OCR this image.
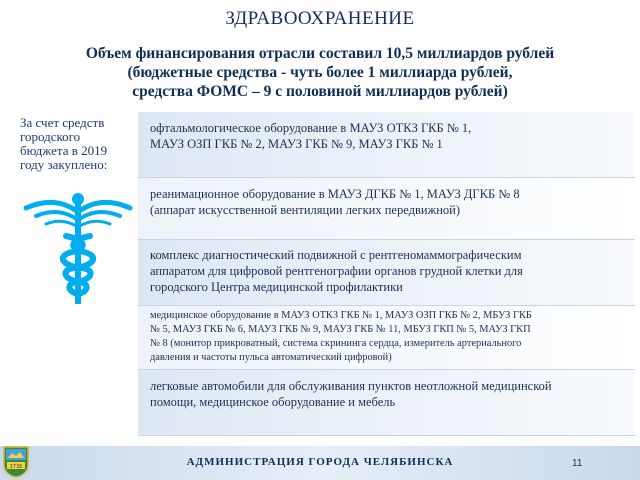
ЗДРАВООХРАНЕНИЕ
Объем финансирования отрасли составил 10,5 миллиардов рублей
(бюджетные средства - чуть более 1 миллиарда рублей,
средства ФОМС – 9 с половиной миллиардов рублей)
За счет средств
городского
бюджета в 2019
году закуплено:
офтальмологическое оборудование в МАУЗ ОТКЗ ГКБ № 1,
МАУЗ ОЗП ГКБ № 2, МАУЗ ГКБ № 9, МАУЗ ГКБ № 1
реанимационное оборудование в МАУЗ ДГКБ № 1, МАУЗ ДГКБ № 8
(аппарат искусственной вентиляции легких передвижной)
комплекс диагностический подвижной с рентгеномаммографическим
аппаратом для цифровой рентгенографии органов грудной клетки для
городского Центра медицинской профилактики
медицинское оборудование в МАУЗ ОТКЗ ГКБ № 1, МАУЗ ОЗП ГКБ № 2, МБУЗ ГКБ
№ 5, МАУЗ ГКБ № 6, МАУЗ ГКБ № 9, МАУЗ ГКБ № 11, МБУЗ ГКП № 5, МАУЗ ГКП
№ 8 (монитор прикроватный, система скрининга сердца, измеритель артериального
давления и частоты пульса автоматический цифровой)
легковые автомобили для обслуживания пунктов неотложной медицинской
помощи, медицинское оборудование и мебель
1736	АДМИНИСТРАЦИЯ ГОРОДА ЧЕЛЯБИНСКА	11
